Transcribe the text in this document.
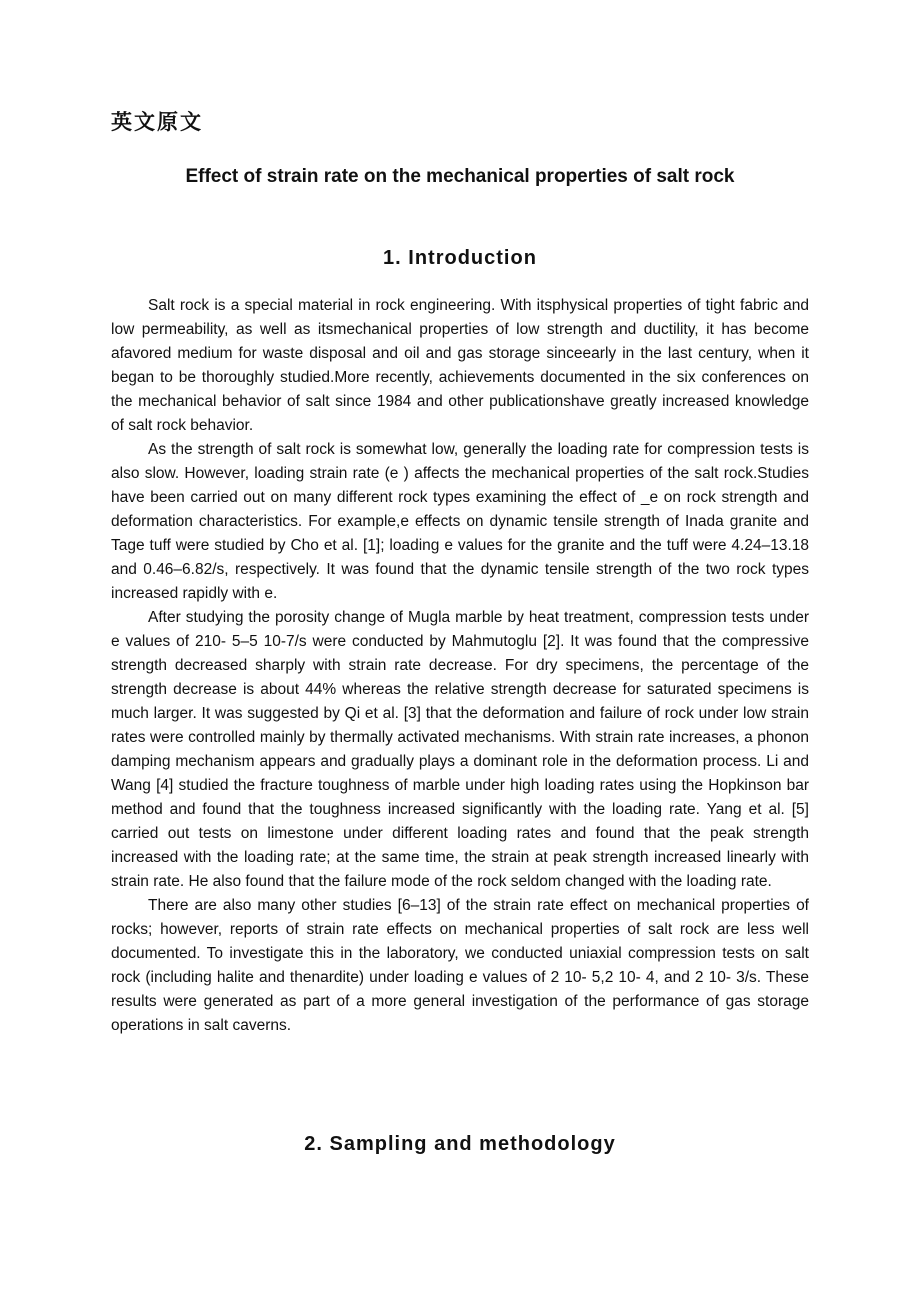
英文原文
Effect of strain rate on the mechanical properties of salt rock
1. Introduction

Salt rock is a special material in rock engineering. With itsphysical properties of tight fabric and low permeability, as well as itsmechanical properties of low strength and ductility, it has become afavored medium for waste disposal and oil and gas storage sinceearly in the last century, when it began to be thoroughly studied.More recently, achievements documented in the six conferences on the mechanical behavior of salt since 1984 and other publicationshave greatly increased knowledge of salt rock behavior.

As the strength of salt rock is somewhat low, generally the loading rate for compression tests is also slow. However, loading strain rate (e ) affects the mechanical properties of the salt rock.Studies have been carried out on many different rock types examining the effect of _e on rock strength and deformation characteristics. For example,e effects on dynamic tensile strength of Inada granite and Tage tuff were studied by Cho et al. [1]; loading e values for the granite and the tuff were 4.24–13.18 and 0.46–6.82/s, respectively. It was found that the dynamic tensile strength of the two rock types increased rapidly with e.

After studying the porosity change of Mugla marble by heat treatment, compression tests under e values of 210- 5–5 10-7/s were conducted by Mahmutoglu [2]. It was found that the compressive strength decreased sharply with strain rate decrease. For dry specimens, the percentage of the strength decrease is about 44% whereas the relative strength decrease for saturated specimens is much larger. It was suggested by Qi et al. [3] that the deformation and failure of rock under low strain rates were controlled mainly by thermally activated mechanisms. With strain rate increases, a phonon damping mechanism appears and gradually plays a dominant role in the deformation process. Li and Wang [4] studied the fracture toughness of marble under high loading rates using the Hopkinson bar method and found that the toughness increased significantly with the loading rate. Yang et al. [5] carried out tests on limestone under different loading rates and found that the peak strength increased with the loading rate; at the same time, the strain at peak strength increased linearly with strain rate. He also found that the failure mode of the rock seldom changed with the loading rate.

There are also many other studies [6–13] of the strain rate effect on mechanical properties of rocks; however, reports of strain rate effects on mechanical properties of salt rock are less well documented. To investigate this in the laboratory, we conducted uniaxial compression tests on salt rock (including halite and thenardite) under loading e values of 2 10- 5,2 10- 4, and 2 10- 3/s. These results were generated as part of a more general investigation of the performance of gas storage operations in salt caverns.

2. Sampling and methodology
